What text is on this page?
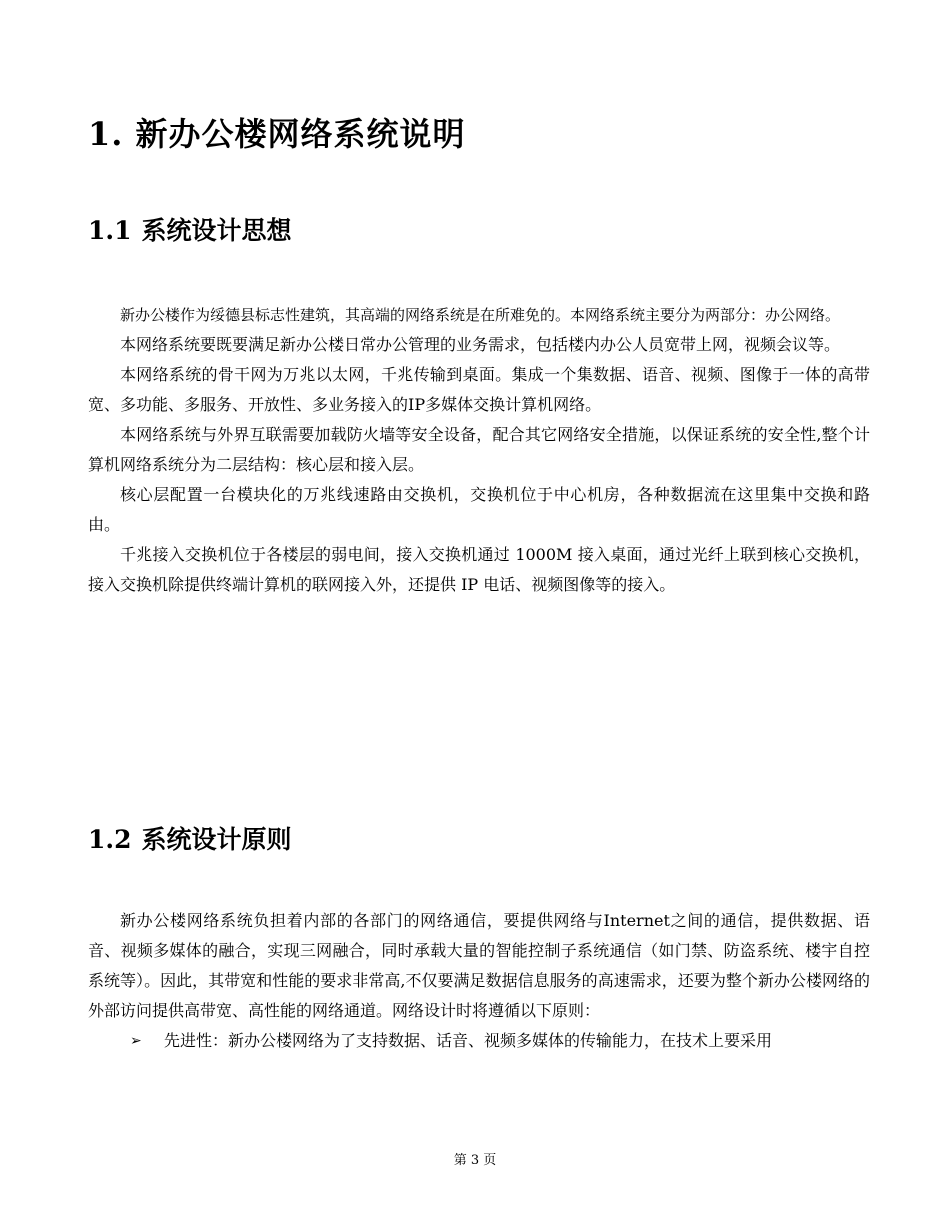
1. 新办公楼网络系统说明
1.1 系统设计思想

新办公楼作为绥德县标志性建筑，其高端的网络系统是在所难免的。本网络系统主要分为两部分：办公网络。

本网络系统要既要满足新办公楼日常办公管理的业务需求，包括楼内办公人员宽带上网，视频会议等。

本网络系统的骨干网为万兆以太网，千兆传输到桌面。集成一个集数据、语音、视频、图像于一体的高带宽、多功能、多服务、开放性、多业务接入的IP多媒体交换计算机网络。

本网络系统与外界互联需要加载防火墙等安全设备，配合其它网络安全措施，以保证系统的安全性,整个计算机网络系统分为二层结构：核心层和接入层。

核心层配置一台模块化的万兆线速路由交换机，交换机位于中心机房，各种数据流在这里集中交换和路由。

千兆接入交换机位于各楼层的弱电间，接入交换机通过 1000M 接入桌面，通过光纤上联到核心交换机，接入交换机除提供终端计算机的联网接入外，还提供 IP 电话、视频图像等的接入。

1.2 系统设计原则

新办公楼网络系统负担着内部的各部门的网络通信，要提供网络与Internet之间的通信，提供数据、语音、视频多媒体的融合，实现三网融合，同时承载大量的智能控制子系统通信（如门禁、防盗系统、楼宇自控系统等）。因此，其带宽和性能的要求非常高,不仅要满足数据信息服务的高速需求，还要为整个新办公楼网络的外部访问提供高带宽、高性能的网络通道。网络设计时将遵循以下原则：

➢ 先进性：新办公楼网络为了支持数据、话音、视频多媒体的传输能力，在技术上要采用

第 3 页
